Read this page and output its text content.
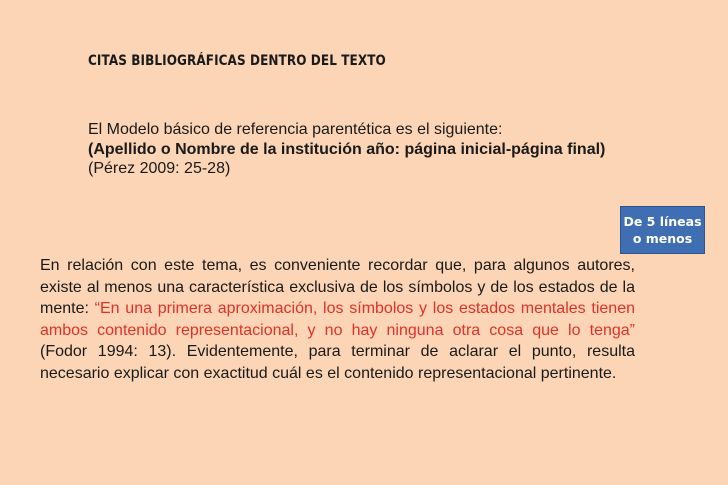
CITAS BIBLIOGRÁFICAS DENTRO DEL TEXTO
El Modelo básico de referencia parentética es el siguiente:
(Apellido o Nombre de la institución año: página inicial-página final)
(Pérez 2009: 25-28)
De 5 líneas
o menos
En relación con este tema, es conveniente recordar que, para algunos autores, existe al menos una característica exclusiva de los símbolos y de los estados de la mente: “En una primera aproximación, los símbolos y los estados mentales tienen ambos contenido representacional, y no hay ninguna otra cosa que lo tenga” (Fodor 1994: 13). Evidentemente, para terminar de aclarar el punto, resulta necesario explicar con exactitud cuál es el contenido representacional pertinente.
